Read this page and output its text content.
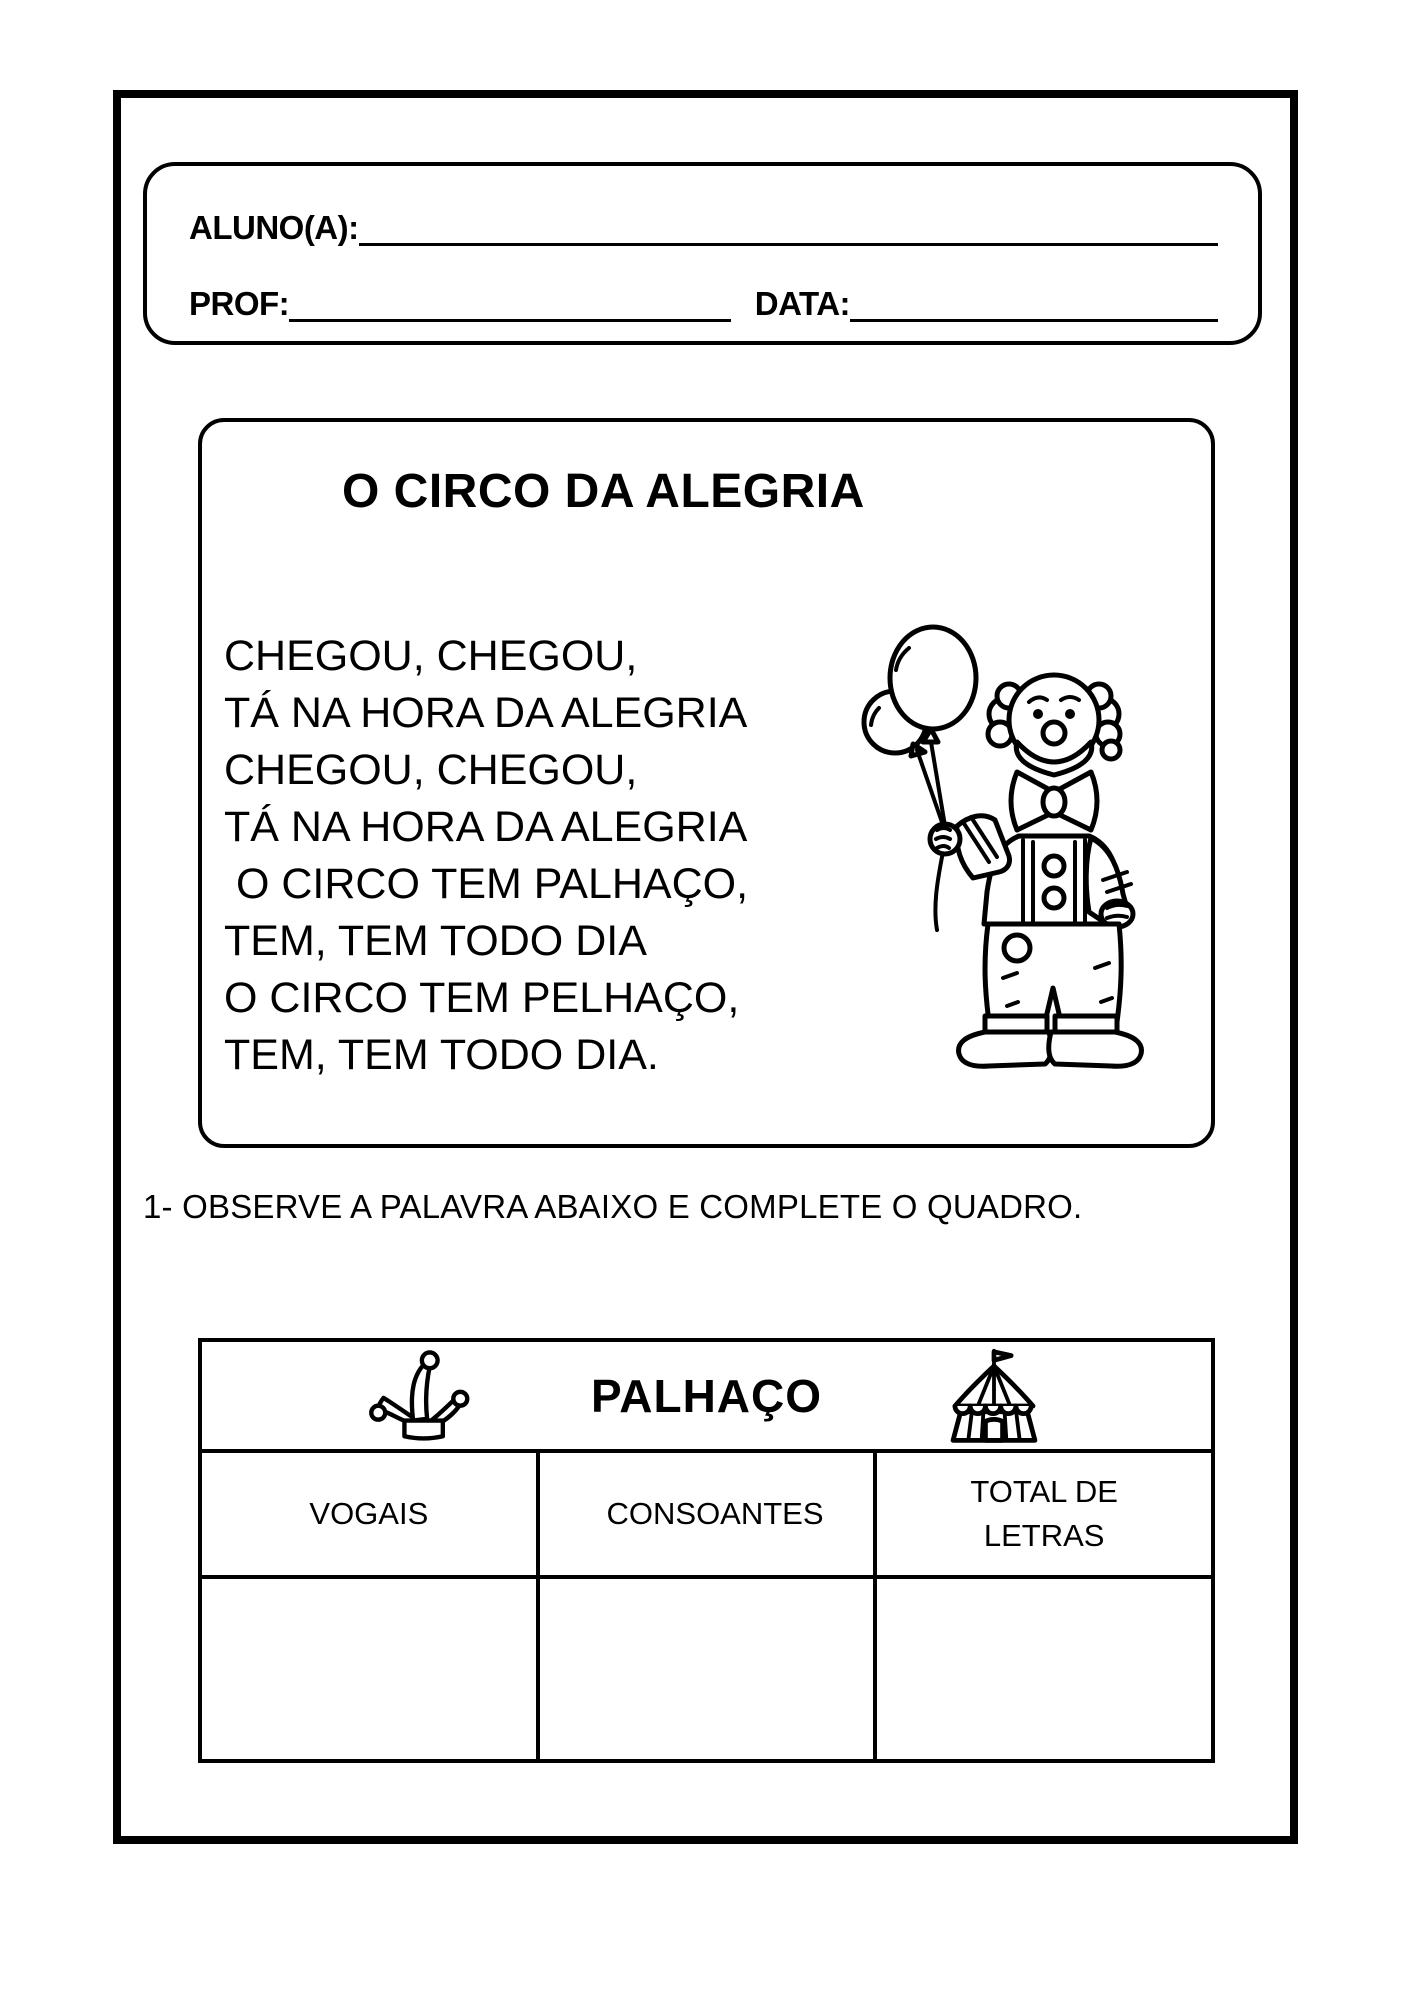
ALUNO(A):
PROF:	DATA:
O CIRCO DA ALEGRIA
CHEGOU, CHEGOU,
TÁ NA HORA DA ALEGRIA
CHEGOU, CHEGOU,
TÁ NA HORA DA ALEGRIA
O CIRCO TEM PALHAÇO,
TEM, TEM TODO DIA
O CIRCO TEM PELHAÇO,
TEM, TEM TODO DIA.
1- OBSERVE A PALAVRA ABAIXO E COMPLETE O QUADRO.
PALHAÇO
VOGAIS	CONSOANTES
TOTAL DE LETRAS
